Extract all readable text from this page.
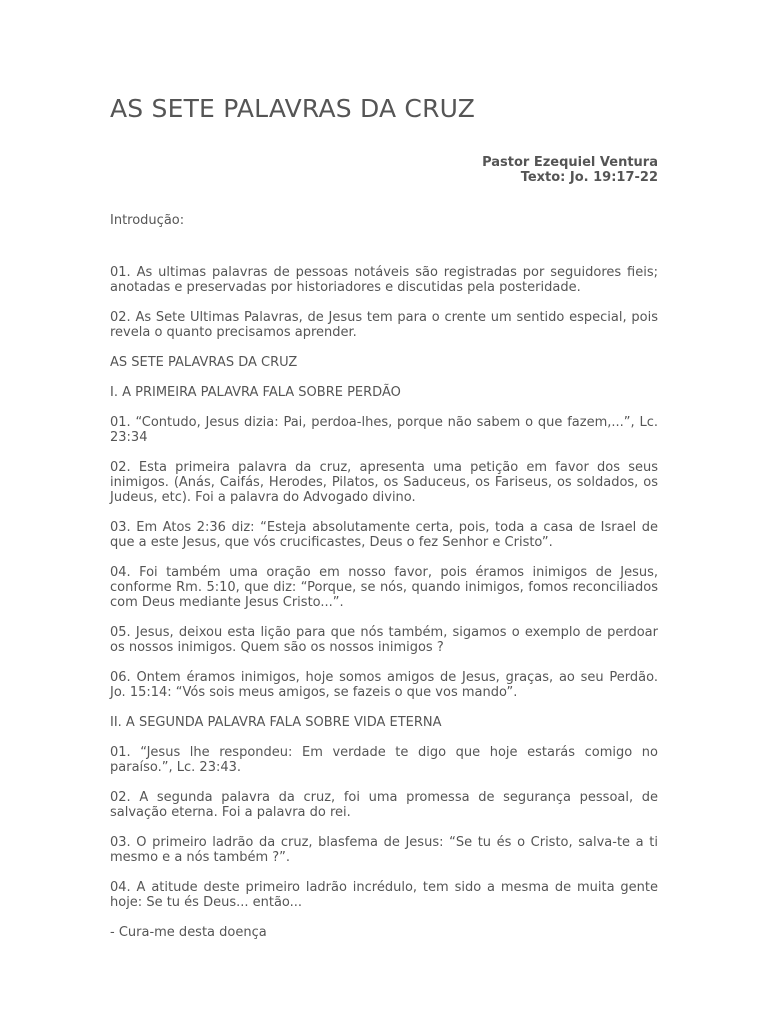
AS SETE PALAVRAS DA CRUZ
Pastor Ezequiel Ventura
Texto: Jo. 19:17-22

Introdução:

01. As ultimas palavras de pessoas notáveis são registradas por seguidores fieis; anotadas e preservadas por historiadores e discutidas pela posteridade.

02. As Sete Ultimas Palavras, de Jesus tem para o crente um sentido especial, pois revela o quanto precisamos aprender.

AS SETE PALAVRAS DA CRUZ

I. A PRIMEIRA PALAVRA FALA SOBRE PERDÃO

01. “Contudo, Jesus dizia: Pai, perdoa-lhes, porque não sabem o que fazem,...”, Lc. 23:34

02. Esta primeira palavra da cruz, apresenta uma petição em favor dos seus inimigos. (Anás, Caifás, Herodes, Pilatos, os Saduceus, os Fariseus, os soldados, os Judeus, etc). Foi a palavra do Advogado divino.

03. Em Atos 2:36 diz: “Esteja absolutamente certa, pois, toda a casa de Israel de que a este Jesus, que vós crucificastes, Deus o fez Senhor e Cristo”.

04. Foi também uma oração em nosso favor, pois éramos inimigos de Jesus, conforme Rm. 5:10, que diz: “Porque, se nós, quando inimigos, fomos reconciliados com Deus mediante Jesus Cristo...”.

05. Jesus, deixou esta lição para que nós também, sigamos o exemplo de perdoar os nossos inimigos. Quem são os nossos inimigos ?

06. Ontem éramos inimigos, hoje somos amigos de Jesus, graças, ao seu Perdão. Jo. 15:14: “Vós sois meus amigos, se fazeis o que vos mando”.

II. A SEGUNDA PALAVRA FALA SOBRE VIDA ETERNA

01. “Jesus lhe respondeu: Em verdade te digo que hoje estarás comigo no paraíso.”, Lc. 23:43.

02. A segunda palavra da cruz, foi uma promessa de segurança pessoal, de salvação eterna. Foi a palavra do rei.

03. O primeiro ladrão da cruz, blasfema de Jesus: “Se tu és o Cristo, salva-te a ti mesmo e a nós também ?”.

04. A atitude deste primeiro ladrão incrédulo, tem sido a mesma de muita gente hoje: Se tu és Deus... então...

- Cura-me desta doença
